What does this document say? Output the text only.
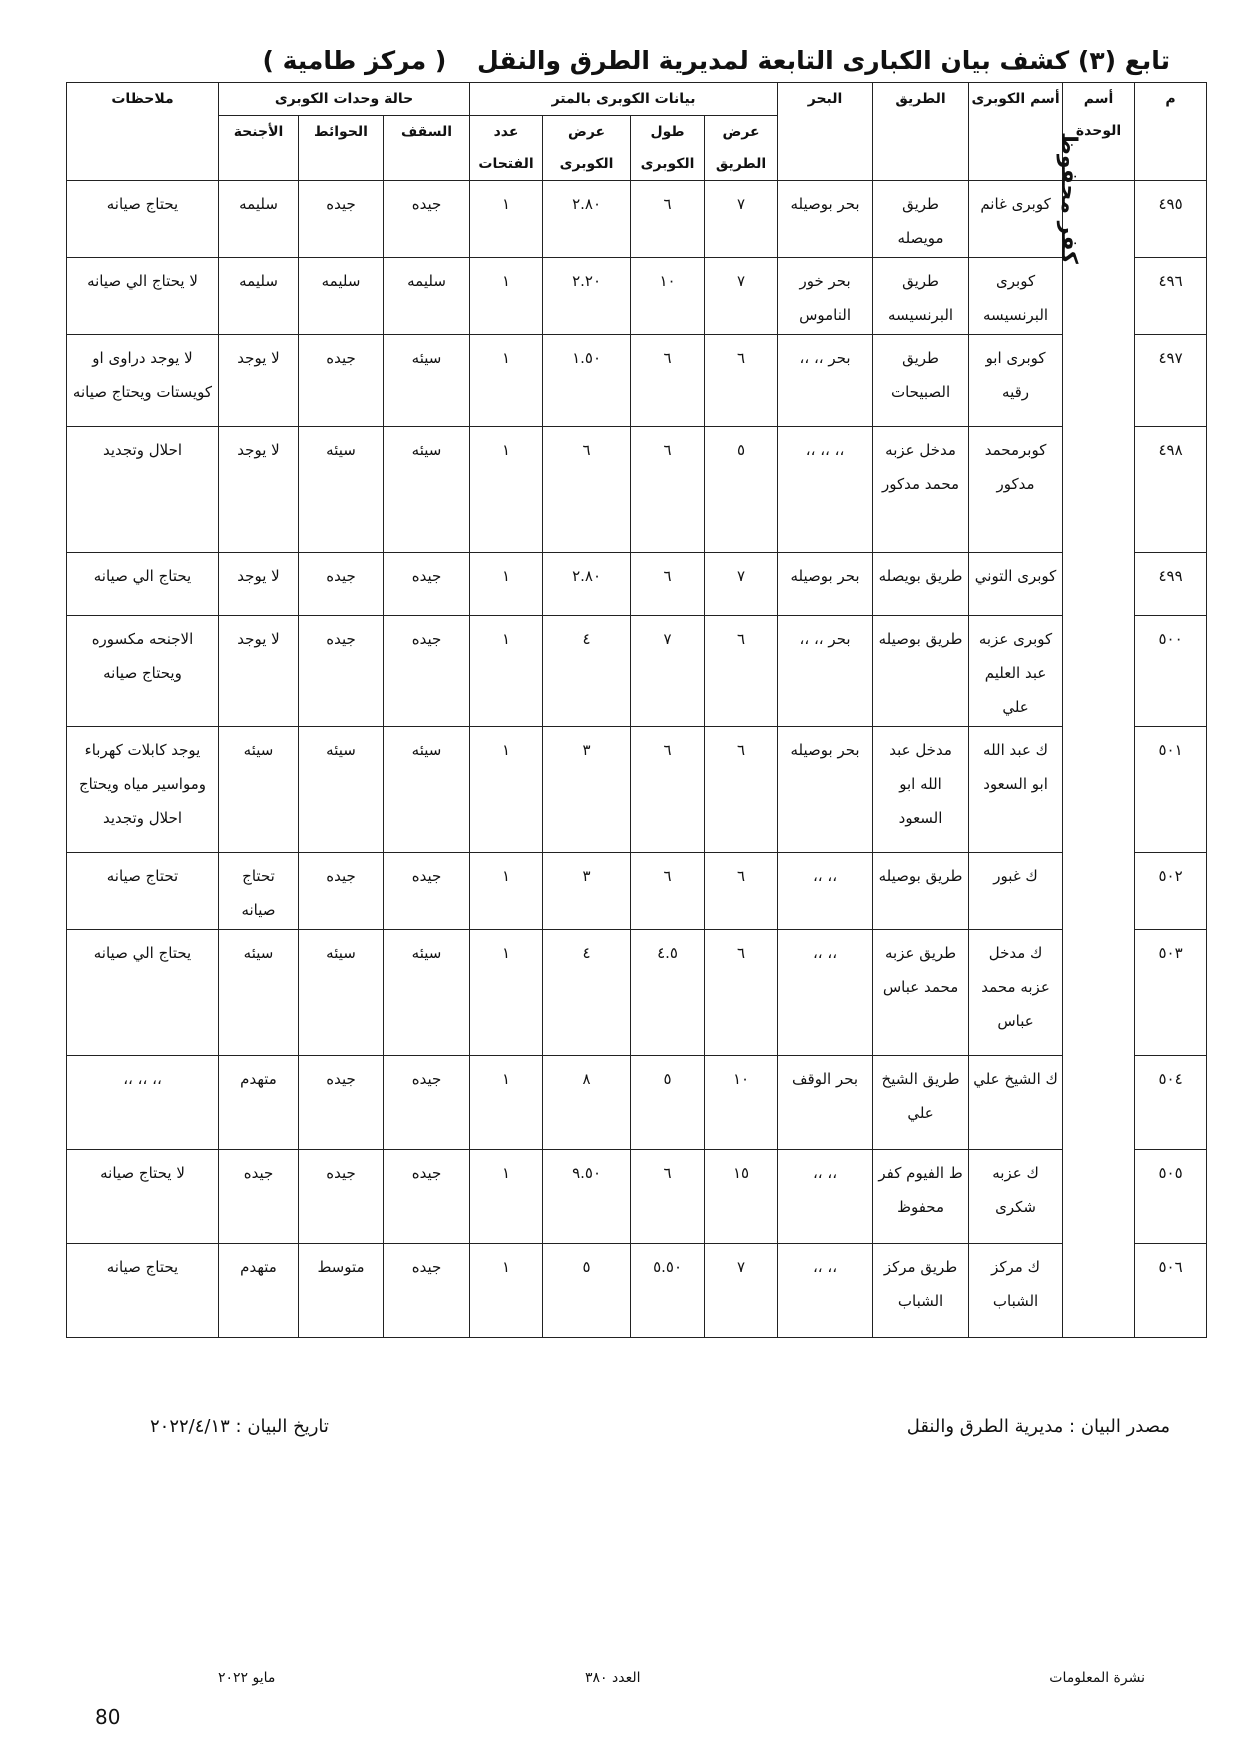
تابع (٣) كشف بيان الكبارى التابعة لمديرية الطرق والنقل ( مركز طامية )
م	أسم الوحدة	أسم الكوبرى	الطريق	البحر	بيانات الكوبرى بالمتر				حالة وحدات الكوبرى			ملاحظات
					عرض الطريق	طول الكوبرى	عرض الكوبرى	عدد الفتحات	السقف	الحوائط	الأجنحة	

٤٩٥	كفر محفوظ	كوبرى غانم	طريق مويصله	بحر بوصيله	٧	٦	٢.٨٠	١	جيده	جيده	سليمه	يحتاج صيانه

٤٩٦		كوبرى البرنسيسه	طريق البرنسيسه	بحر خور الناموس	٧	١٠	٢.٢٠	١	سليمه	سليمه	سليمه	لا يحتاج الي صيانه

٤٩٧		كوبرى ابو رقيه	طريق الصبيحات	بحر ،، ،،	٦	٦	١.٥٠	١	سيئه	جيده	لا يوجد	لا يوجد دراوى او كويستات ويحتاج صيانه

٤٩٨		كوبرمحمد مدكور	مدخل عزبه محمد مدكور	،، ،، ،،	٥	٦	٦	١	سيئه	سيئه	لا يوجد	احلال وتجديد

٤٩٩		كوبرى التوني	طريق بويصله	بحر بوصيله	٧	٦	٢.٨٠	١	جيده	جيده	لا يوجد	يحتاج الي صيانه

٥٠٠		كوبرى عزبه عبد العليم علي	طريق بوصيله	بحر ،، ،،	٦	٧	٤	١	جيده	جيده	لا يوجد	الاجنحه مكسوره ويحتاج صيانه

٥٠١		ك عبد الله ابو السعود	مدخل عبد الله ابو السعود	بحر بوصيله	٦	٦	٣	١	سيئه	سيئه	سيئه	يوجد كابلات كهرباء ومواسير مياه ويحتاج احلال وتجديد

٥٠٢		ك غبور	طريق بوصيله	،، ،،	٦	٦	٣	١	جيده	جيده	تحتاج صيانه	تحتاج صيانه

٥٠٣		ك مدخل عزبه محمد عباس	طريق عزبه محمد عباس	،، ،،	٦	٤.٥	٤	١	سيئه	سيئه	سيئه	يحتاج الي صيانه

٥٠٤		ك الشيخ علي	طريق الشيخ علي	بحر الوقف	١٠	٥	٨	١	جيده	جيده	متهدم	،، ،، ،،

٥٠٥		ك عزبه شكرى	ط الفيوم كفر محفوظ	،، ،،	١٥	٦	٩.٥٠	١	جيده	جيده	جيده	لا يحتاج صيانه

٥٠٦		ك مركز الشباب	طريق مركز الشباب	،، ،،	٧	٥.٥٠	٥	١	جيده	متوسط	متهدم	يحتاج صيانه
مصدر البيان : مديرية الطرق والنقل
تاريخ البيان : ٢٠٢٢/٤/١٣
نشرة المعلومات
العدد ٣٨٠
مايو ٢٠٢٢
80
